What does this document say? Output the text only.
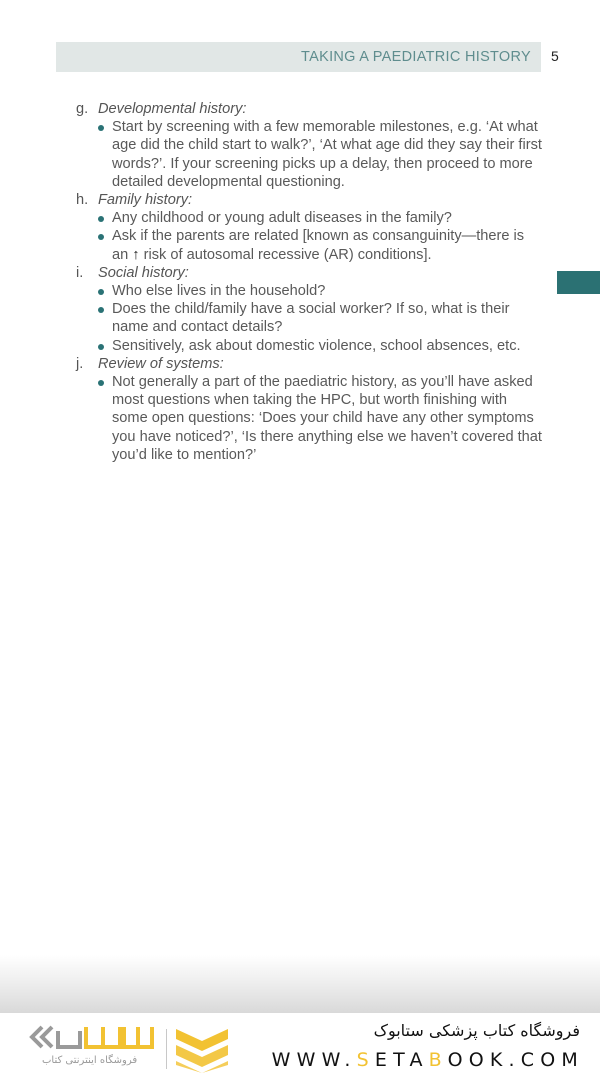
TAKING A PAEDIATRIC HISTORY 5
g. Developmental history:
Start by screening with a few memorable milestones, e.g. ‘At what age did the child start to walk?’, ‘At what age did they say their first words?’. If your screening picks up a delay, then proceed to more detailed developmental questioning.
h. Family history:
Any childhood or young adult diseases in the family?
Ask if the parents are related [known as consanguinity—there is an ↑ risk of autosomal recessive (AR) conditions].
i. Social history:
Who else lives in the household?
Does the child/family have a social worker? If so, what is their name and contact details?
Sensitively, ask about domestic violence, school absences, etc.
j. Review of systems:
Not generally a part of the paediatric history, as you’ll have asked most questions when taking the HPC, but worth finishing with some open questions: ‘Does your child have any other symptoms you have noticed?’, ‘Is there anything else we haven’t covered that you’d like to mention?’
فروشگاه اینترنتی کتاب
فروشگاه کتاب پزشکی ستابوک
WWW.SETABOOK.COM
